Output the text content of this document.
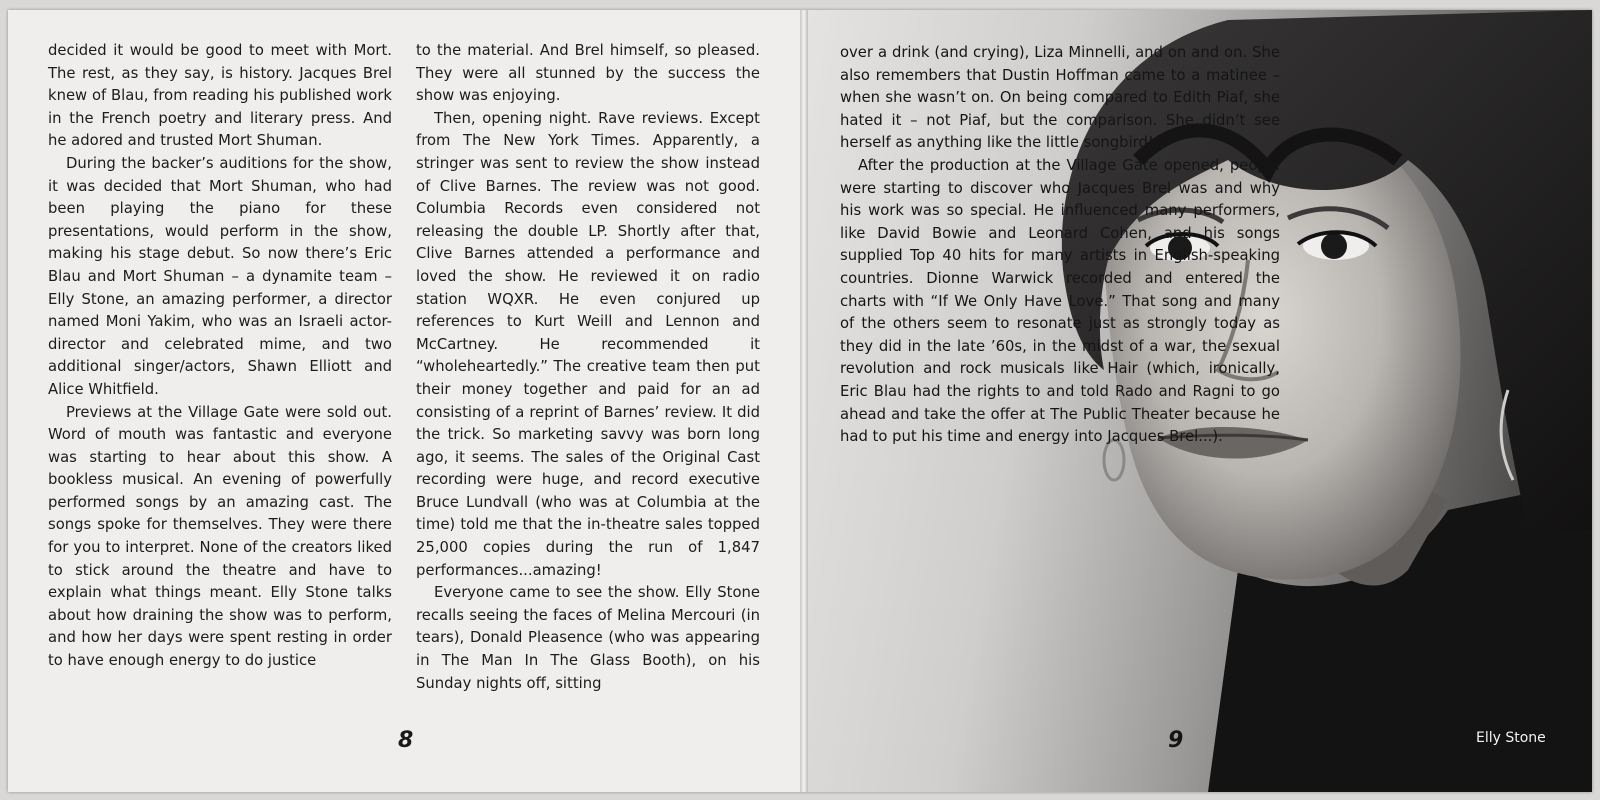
decided it would be good to meet with Mort. The rest, as they say, is history. Jacques Brel knew of Blau, from reading his published work in the French poetry and literary press. And he adored and trusted Mort Shuman.

During the backer’s auditions for the show, it was decided that Mort Shuman, who had been playing the piano for these presentations, would perform in the show, making his stage debut. So now there’s Eric Blau and Mort Shuman – a dynamite team – Elly Stone, an amazing performer, a director named Moni Yakim, who was an Israeli actor-director and celebrated mime, and two additional singer/actors, Shawn Elliott and Alice Whitfield.

Previews at the Village Gate were sold out. Word of mouth was fantastic and everyone was starting to hear about this show. A bookless musical. An evening of powerfully performed songs by an amazing cast. The songs spoke for themselves. They were there for you to interpret. None of the creators liked to stick around the theatre and have to explain what things meant. Elly Stone talks about how draining the show was to perform, and how her days were spent resting in order to have enough energy to do justice

to the material. And Brel himself, so pleased. They were all stunned by the success the show was enjoying.

Then, opening night. Rave reviews. Except from The New York Times. Apparently, a stringer was sent to review the show instead of Clive Barnes. The review was not good. Columbia Records even considered not releasing the double LP. Shortly after that, Clive Barnes attended a performance and loved the show. He reviewed it on radio station WQXR. He even conjured up references to Kurt Weill and Lennon and McCartney. He recommended it “wholeheartedly.” The creative team then put their money together and paid for an ad consisting of a reprint of Barnes’ review. It did the trick. So marketing savvy was born long ago, it seems. The sales of the Original Cast recording were huge, and record executive Bruce Lundvall (who was at Columbia at the time) told me that the in-theatre sales topped 25,000 copies during the run of 1,847 performances...amazing!

Everyone came to see the show. Elly Stone recalls seeing the faces of Melina Mercouri (in tears), Donald Pleasence (who was appearing in The Man In The Glass Booth), on his Sunday nights off, sitting

8

over a drink (and crying), Liza Minnelli, and on and on. She also remembers that Dustin Hoffman came to a matinee – when she wasn’t on. On being compared to Edith Piaf, she hated it – not Piaf, but the comparison. She didn’t see herself as anything like the little songbird!

After the production at the Village Gate opened, people were starting to discover who Jacques Brel was and why his work was so special. He influenced many performers, like David Bowie and Leonard Cohen, and his songs supplied Top 40 hits for many artists in English-speaking countries. Dionne Warwick recorded and entered the charts with “If We Only Have Love.” That song and many of the others seem to resonate just as strongly today as they did in the late ’60s, in the midst of a war, the sexual revolution and rock musicals like Hair (which, ironically, Eric Blau had the rights to and told Rado and Ragni to go ahead and take the offer at The Public Theater because he had to put his time and energy into Jacques Brel...).

9	Elly Stone
